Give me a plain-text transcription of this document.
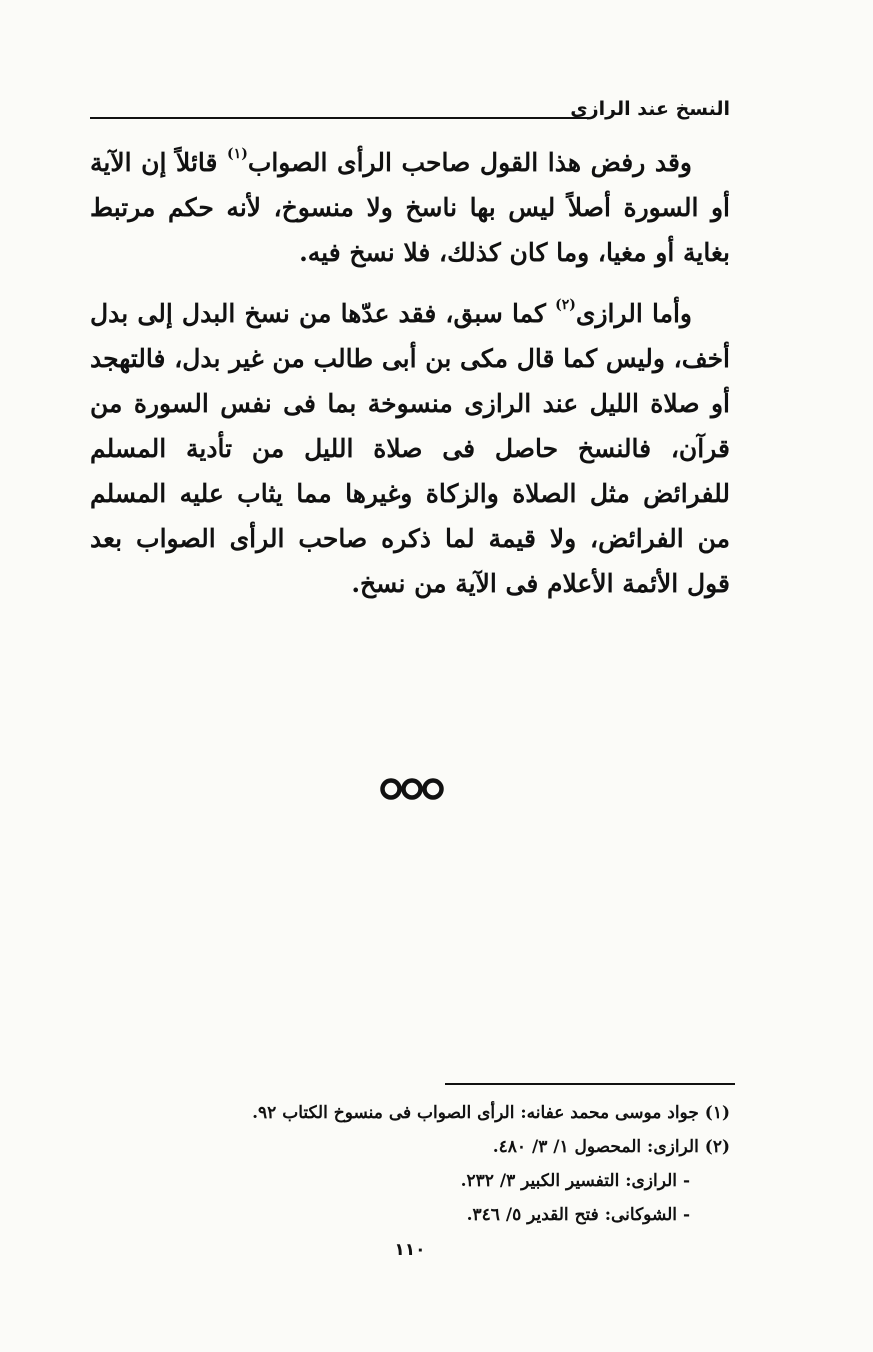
النسخ عند الرازى

وقد رفض هذا القول صاحب الرأى الصواب$^{(١)}$ قائلاً إن الآية أو السورة أصلاً ليس بها ناسخ ولا منسوخ، لأنه حكم مرتبط بغاية أو مغيا، وما كان كذلك، فلا نسخ فيه.

وأما الرازى$^{(٢)}$ كما سبق، فقد عدّها من نسخ البدل إلى بدل أخف، وليس كما قال مكى بن أبى طالب من غير بدل، فالتهجد أو صلاة الليل عند الرازى منسوخة بما فى نفس السورة من قرآن، فالنسخ حاصل فى صلاة الليل من تأدية المسلم للفرائض مثل الصلاة والزكاة وغيرها مما يثاب عليه المسلم من الفرائض، ولا قيمة لما ذكره صاحب الرأى الصواب بعد قول الأئمة الأعلام فى الآية من نسخ.

(١) جواد موسى محمد عفانه: الرأى الصواب فى منسوخ الكتاب ٩٢.
(٢) الرازى: المحصول ١/ ٣/ ٤٨٠.
- الرازى: التفسير الكبير ٣/ ٢٣٢.
- الشوكانى: فتح القدير ٥/ ٣٤٦.
١١٠
